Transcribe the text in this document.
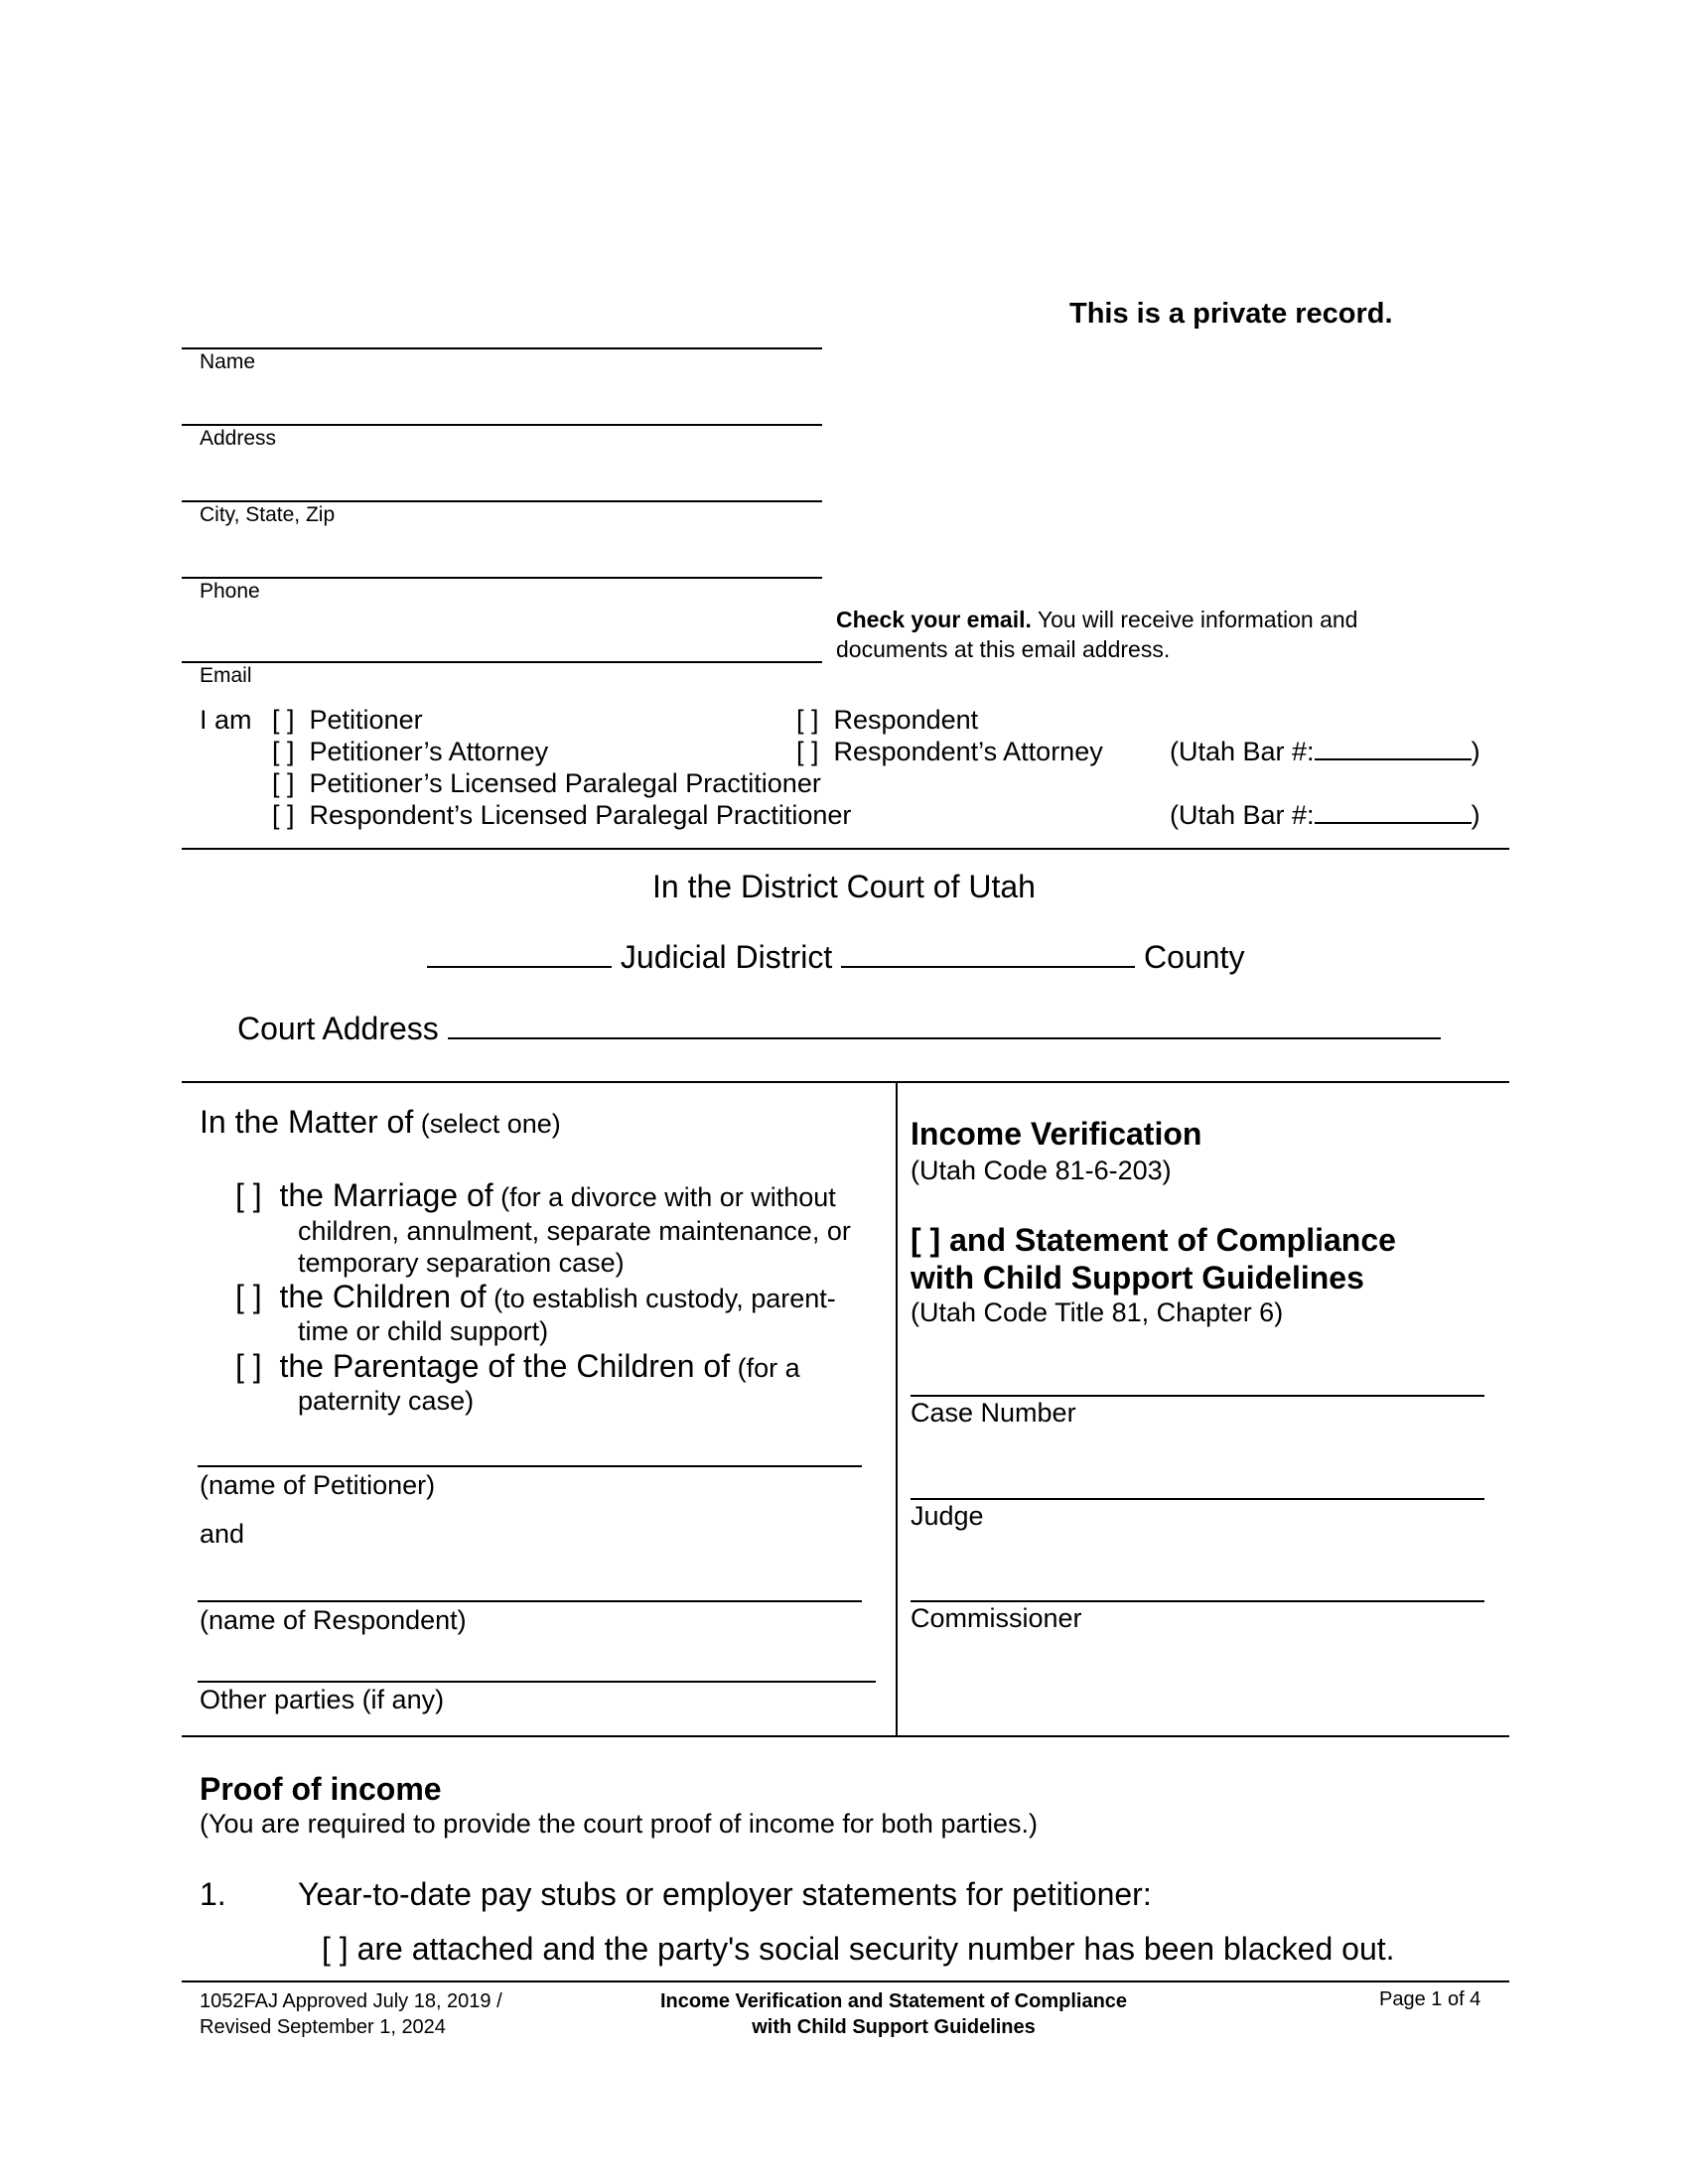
This is a private record.
Name
Address
City, State, Zip
Phone
Email
Check your email. You will receive information and
documents at this email address.
I am [ ] Petitioner	[ ] Respondent
[ ] Petitioner’s Attorney	[ ] Respondent’s Attorney (Utah Bar #:	)
[ ] Petitioner’s Licensed Paralegal Practitioner
[ ] Respondent’s Licensed Paralegal Practitioner	(Utah Bar #:	)
In the District Court of Utah
Judicial District	County
Court Address
In the Matter of (select one)
[ ] the Marriage of (for a divorce with or without
children, annulment, separate maintenance, or
temporary separation case)
[ ] the Children of (to establish custody, parent-
time or child support)
[ ] the Parentage of the Children of (for a
paternity case)
(name of Petitioner)
and
(name of Respondent)
Other parties (if any)
Income Verification
(Utah Code 81-6-203)
[ ] and Statement of Compliance
with Child Support Guidelines
(Utah Code Title 81, Chapter 6)
Case Number
Judge
Commissioner
Proof of income
(You are required to provide the court proof of income for both parties.)
1. Year-to-date pay stubs or employer statements for petitioner:
[ ] are attached and the party's social security number has been blacked out.
1052FAJ Approved July 18, 2019 /
Revised September 1, 2024
Income Verification and Statement of Compliance
with Child Support Guidelines
Page 1 of 4
